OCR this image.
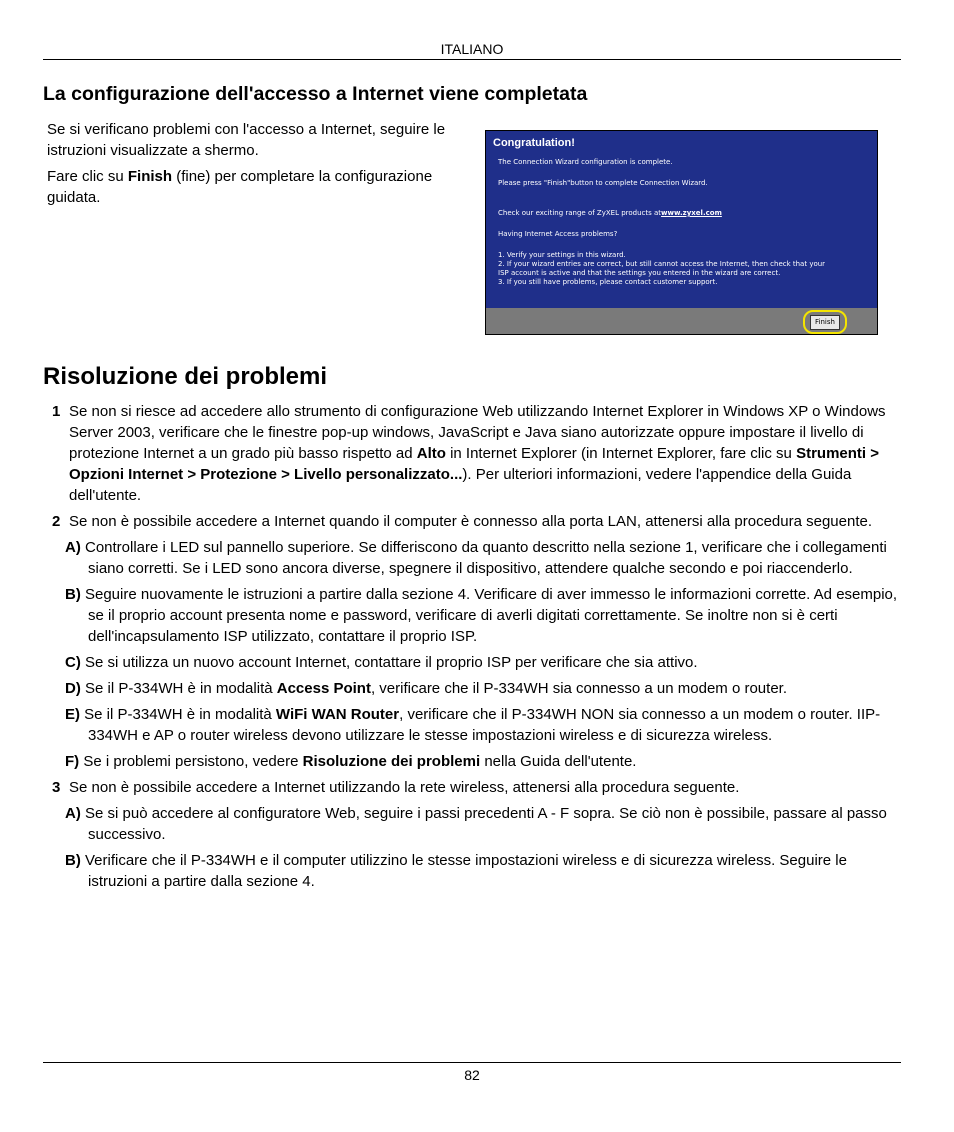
ITALIANO
La configurazione dell'accesso a Internet viene completata

Se si verificano problemi con l'accesso a Internet, seguire le istruzioni visualizzate a shermo.

Fare clic su Finish (fine) per completare la configurazione guidata.

Congratulation!
The Connection Wizard configuration is complete.
Please press "Finish"button to complete Connection Wizard.
Check our exciting range of ZyXEL products atwww.zyxel.com
Having Internet Access problems?
1. Verify your settings in this wizard.
2. If your wizard entries are correct, but still cannot access the Internet, then check that your
ISP account is active and that the settings you entered in the wizard are correct.
3. If you still have problems, please contact customer support.
Finish
Risoluzione dei problemi
1 Se non si riesce ad accedere allo strumento di configurazione Web utilizzando Internet Explorer in Windows XP o Windows Server 2003, verificare che le finestre pop-up windows, JavaScript e Java siano autorizzate oppure impostare il livello di protezione Internet a un grado più basso rispetto ad Alto in Internet Explorer (in Internet Explorer, fare clic su Strumenti > Opzioni Internet > Protezione > Livello personalizzato...). Per ulteriori informazioni, vedere l'appendice della Guida dell'utente.
2 Se non è possibile accedere a Internet quando il computer è connesso alla porta LAN, attenersi alla procedura seguente.
A) Controllare i LED sul pannello superiore. Se differiscono da quanto descritto nella sezione 1, verificare che i collegamenti siano corretti. Se i LED sono ancora diverse, spegnere il dispositivo, attendere qualche secondo e poi riaccenderlo.
B) Seguire nuovamente le istruzioni a partire dalla sezione 4. Verificare di aver immesso le informazioni corrette. Ad esempio, se il proprio account presenta nome e password, verificare di averli digitati correttamente. Se inoltre non si è certi dell'incapsulamento ISP utilizzato, contattare il proprio ISP.
C) Se si utilizza un nuovo account Internet, contattare il proprio ISP per verificare che sia attivo.
D) Se il P-334WH è in modalità Access Point, verificare che il P-334WH sia connesso a un modem o router.
E) Se il P-334WH è in modalità WiFi WAN Router, verificare che il P-334WH NON sia connesso a un modem o router. IIP-334WH e AP o router wireless devono utilizzare le stesse impostazioni wireless e di sicurezza wireless.
F) Se i problemi persistono, vedere Risoluzione dei problemi nella Guida dell'utente.
3 Se non è possibile accedere a Internet utilizzando la rete wireless, attenersi alla procedura seguente.
A) Se si può accedere al configuratore Web, seguire i passi precedenti A - F sopra. Se ciò non è possibile, passare al passo successivo.
B) Verificare che il P-334WH e il computer utilizzino le stesse impostazioni wireless e di sicurezza wireless. Seguire le istruzioni a partire dalla sezione 4.
82
